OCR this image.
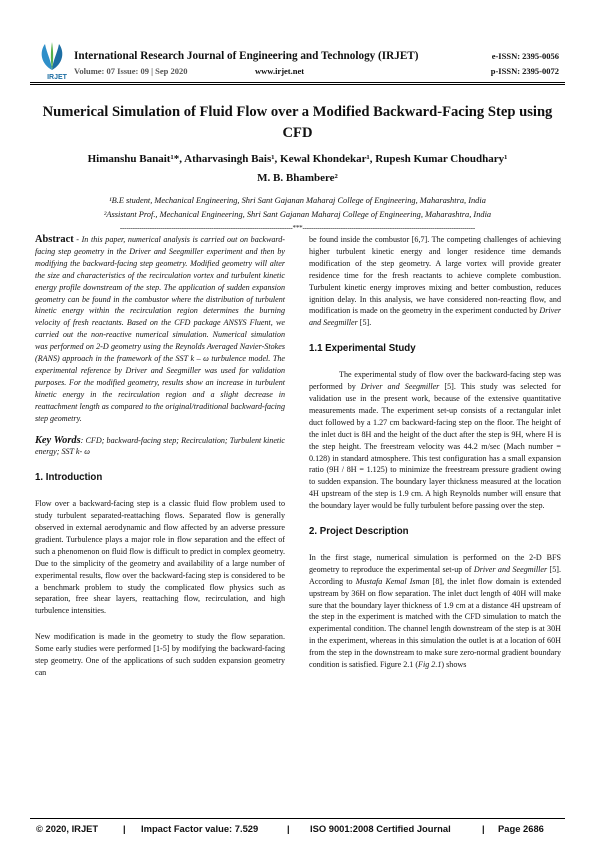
IRJET
International Research Journal of Engineering and Technology (IRJET)
Volume: 07 Issue: 09 | Sep 2020	www.irjet.net
e-ISSN: 2395-0056
p-ISSN: 2395-0072
Numerical Simulation of Fluid Flow over a Modified Backward-Facing Step using CFD
Himanshu Banait¹*, Atharvasingh Bais¹, Kewal Khondekar¹, Rupesh Kumar Choudhary¹
M. B. Bhambere²
¹B.E student, Mechanical Engineering, Shri Sant Gajanan Maharaj College of Engineering, Maharashtra, India
²Assistant Prof., Mechanical Engineering, Shri Sant Gajanan Maharaj College of Engineering, Maharashtra, India
---------------------------------------------------------------------------------***---------------------------------------------------------------------------------

Abstract - In this paper, numerical analysis is carried out on backward-facing step geometry in the Driver and Seegmiller experiment and then by modifying the backward-facing step geometry. Modified geometry will alter the size and characteristics of the recirculation vortex and turbulent kinetic energy profile downstream of the step. The application of sudden expansion geometry can be found in the combustor where the distribution of turbulent kinetic energy within the recirculation region determines the burning velocity of fresh reactants. Based on the CFD package ANSYS Fluent, we carried out the non-reactive numerical simulation. Numerical simulation was performed on 2-D geometry using the Reynolds Averaged Navier-Stokes (RANS) approach in the framework of the SST k – ω turbulence model. The experimental reference by Driver and Seegmiller was used for validation purposes. For the modified geometry, results show an increase in turbulent kinetic energy in the recirculation region and a slight decrease in reattachment length as compared to the original/traditional backward-facing step geometry.

Key Words: CFD; backward-facing step; Recirculation; Turbulent kinetic energy; SST k- ω

1. Introduction

Flow over a backward-facing step is a classic fluid flow problem used to study turbulent separated-reattaching flows. Separated flow is generally observed in external aerodynamic and flow affected by an adverse pressure gradient. Turbulence plays a major role in flow separation and the effect of such a phenomenon on fluid flow is difficult to predict in complex geometry. Due to the simplicity of the geometry and availability of a large number of experimental results, flow over the backward-facing step is considered to be a benchmark problem to study the complicated flow physics such as separation, free shear layers, reattaching flow, recirculation, and high turbulence intensities.

New modification is made in the geometry to study the flow separation. Some early studies were performed [1-5] by modifying the backward-facing step geometry. One of the applications of such sudden expansion geometry can

be found inside the combustor [6,7]. The competing challenges of achieving higher turbulent kinetic energy and longer residence time demands modification of the step geometry. A large vortex will provide greater residence time for the fresh reactants to achieve complete combustion. Turbulent kinetic energy improves mixing and better combustion, reduces ignition delay. In this analysis, we have considered non-reacting flow, and modification is made on the geometry in the experiment conducted by Driver and Seegmiller [5].

1.1 Experimental Study

The experimental study of flow over the backward-facing step was performed by Driver and Seegmiller [5]. This study was selected for validation use in the present work, because of the extensive quantitative measurements made. The experiment set-up consists of a rectangular inlet duct followed by a 1.27 cm backward-facing step on the floor. The height of the inlet duct is 8H and the height of the duct after the step is 9H, where H is the step height. The freestream velocity was 44.2 m/sec (Mach number = 0.128) in standard atmosphere. This test configuration has a small expansion ratio (9H / 8H = 1.125) to minimize the freestream pressure gradient owing to sudden expansion. The boundary layer thickness measured at the location 4H upstream of the step is 1.9 cm. A high Reynolds number will ensure that the boundary layer would be fully turbulent before passing over the step.

2. Project Description

In the first stage, numerical simulation is performed on the 2-D BFS geometry to reproduce the experimental set-up of Driver and Seegmiller [5]. According to Mustafa Kemal Isman [8], the inlet flow domain is extended upstream by 36H on flow separation. The inlet duct length of 40H will make sure that the boundary layer thickness of 1.9 cm at a distance 4H upstream of the step in the experiment is matched with the CFD simulation to match the experimental condition. The channel length downstream of the step is at 30H in the experiment, whereas in this simulation the outlet is at a location of 60H from the step in the downstream to make sure zero-normal gradient boundary condition is satisfied. Figure 2.1 (Fig 2.1) shows

© 2020, IRJET	| Impact Factor value: 7.529	| ISO 9001:2008 Certified Journal	| Page 2686
